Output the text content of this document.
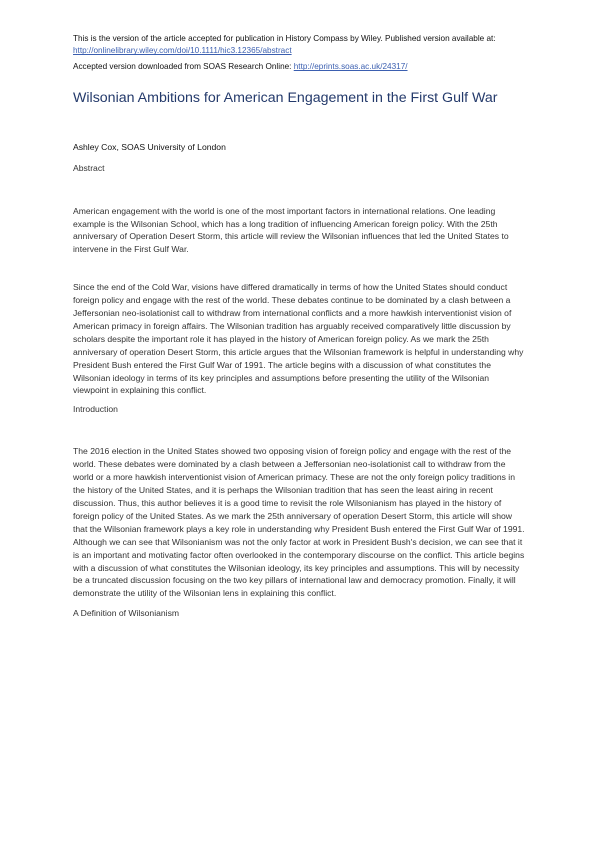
This is the version of the article accepted for publication in History Compass by Wiley. Published version available at: http://onlinelibrary.wiley.com/doi/10.1111/hic3.12365/abstract
Accepted version downloaded from SOAS Research Online: http://eprints.soas.ac.uk/24317/
Wilsonian Ambitions for American Engagement in the First Gulf War
Ashley Cox, SOAS University of London
Abstract

American engagement with the world is one of the most important factors in international relations. One leading example is the Wilsonian School, which has a long tradition of influencing American foreign policy. With the 25th anniversary of Operation Desert Storm, this article will review the Wilsonian influences that led the United States to intervene in the First Gulf War.

Since the end of the Cold War, visions have differed dramatically in terms of how the United States should conduct foreign policy and engage with the rest of the world. These debates continue to be dominated by a clash between a Jeffersonian neo-isolationist call to withdraw from international conflicts and a more hawkish interventionist vision of American primacy in foreign affairs. The Wilsonian tradition has arguably received comparatively little discussion by scholars despite the important role it has played in the history of American foreign policy. As we mark the 25th anniversary of operation Desert Storm, this article argues that the Wilsonian framework is helpful in understanding why President Bush entered the First Gulf War of 1991. The article begins with a discussion of what constitutes the Wilsonian ideology in terms of its key principles and assumptions before presenting the utility of the Wilsonian viewpoint in explaining this conflict.

Introduction

The 2016 election in the United States showed two opposing vision of foreign policy and engage with the rest of the world. These debates were dominated by a clash between a Jeffersonian neo-isolationist call to withdraw from the world or a more hawkish interventionist vision of American primacy. These are not the only foreign policy traditions in the history of the United States, and it is perhaps the Wilsonian tradition that has seen the least airing in recent discussion. Thus, this author believes it is a good time to revisit the role Wilsonianism has played in the history of foreign policy of the United States. As we mark the 25th anniversary of operation Desert Storm, this article will show that the Wilsonian framework plays a key role in understanding why President Bush entered the First Gulf War of 1991. Although we can see that Wilsonianism was not the only factor at work in President Bush's decision, we can see that it is an important and motivating factor often overlooked in the contemporary discourse on the conflict. This article begins with a discussion of what constitutes the Wilsonian ideology, its key principles and assumptions. This will by necessity be a truncated discussion focusing on the two key pillars of international law and democracy promotion. Finally, it will demonstrate the utility of the Wilsonian lens in explaining this conflict.

A Definition of Wilsonianism
